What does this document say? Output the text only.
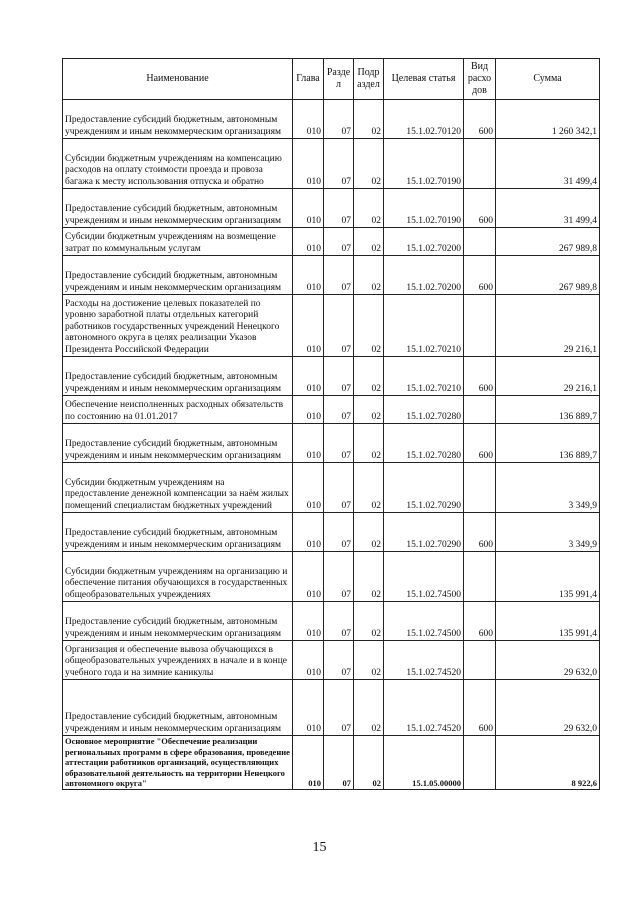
Наименование	Глава	Разде л	Подр аздел	Целевая статья	Вид расхо дов	Сумма
Предоставление субсидий бюджетным, автономным учреждениям и иным некоммерческим организациям	010	07	02	15.1.02.70120	600	1 260 342,1
Субсидии бюджетным учреждениям на компенсацию расходов на оплату стоимости проезда и провоза багажа к месту использования отпуска и обратно	010	07	02	15.1.02.70190		31 499,4
Предоставление субсидий бюджетным, автономным учреждениям и иным некоммерческим организациям	010	07	02	15.1.02.70190	600	31 499,4
Субсидии бюджетным учреждениям на возмещение затрат по коммунальным услугам	010	07	02	15.1.02.70200		267 989,8
Предоставление субсидий бюджетным, автономным учреждениям и иным некоммерческим организациям	010	07	02	15.1.02.70200	600	267 989,8
Расходы на достижение целевых показателей по уровню заработной платы отдельных категорий работников государственных учреждений Ненецкого автономного округа в целях реализации Указов Президента Российской Федерации	010	07	02	15.1.02.70210		29 216,1
Предоставление субсидий бюджетным, автономным учреждениям и иным некоммерческим организациям	010	07	02	15.1.02.70210	600	29 216,1
Обеспечение неисполненных расходных обязательств по состоянию на 01.01.2017	010	07	02	15.1.02.70280		136 889,7
Предоставление субсидий бюджетным, автономным учреждениям и иным некоммерческим организациям	010	07	02	15.1.02.70280	600	136 889,7
Субсидии бюджетным учреждениям на предоставление денежной компенсации за наём жилых помещений специалистам бюджетных учреждений	010	07	02	15.1.02.70290		3 349,9
Предоставление субсидий бюджетным, автономным учреждениям и иным некоммерческим организациям	010	07	02	15.1.02.70290	600	3 349,9
Субсидии бюджетным учреждениям на организацию и обеспечение питания обучающихся в государственных общеобразовательных учреждениях	010	07	02	15.1.02.74500		135 991,4
Предоставление субсидий бюджетным, автономным учреждениям и иным некоммерческим организациям	010	07	02	15.1.02.74500	600	135 991,4
Организация и обеспечение вывоза обучающихся в общеобразовательных учреждениях в начале и в конце учебного года и на зимние каникулы	010	07	02	15.1.02.74520		29 632,0
Предоставление субсидий бюджетным, автономным учреждениям и иным некоммерческим организациям	010	07	02	15.1.02.74520	600	29 632,0
Основное мероприятие "Обеспечение реализации региональных программ в сфере образования, проведение аттестации работников организаций, осуществляющих образовательной деятельность на территории Ненецкого автономного округа"	010	07	02	15.1.05.00000		8 922,6
15
